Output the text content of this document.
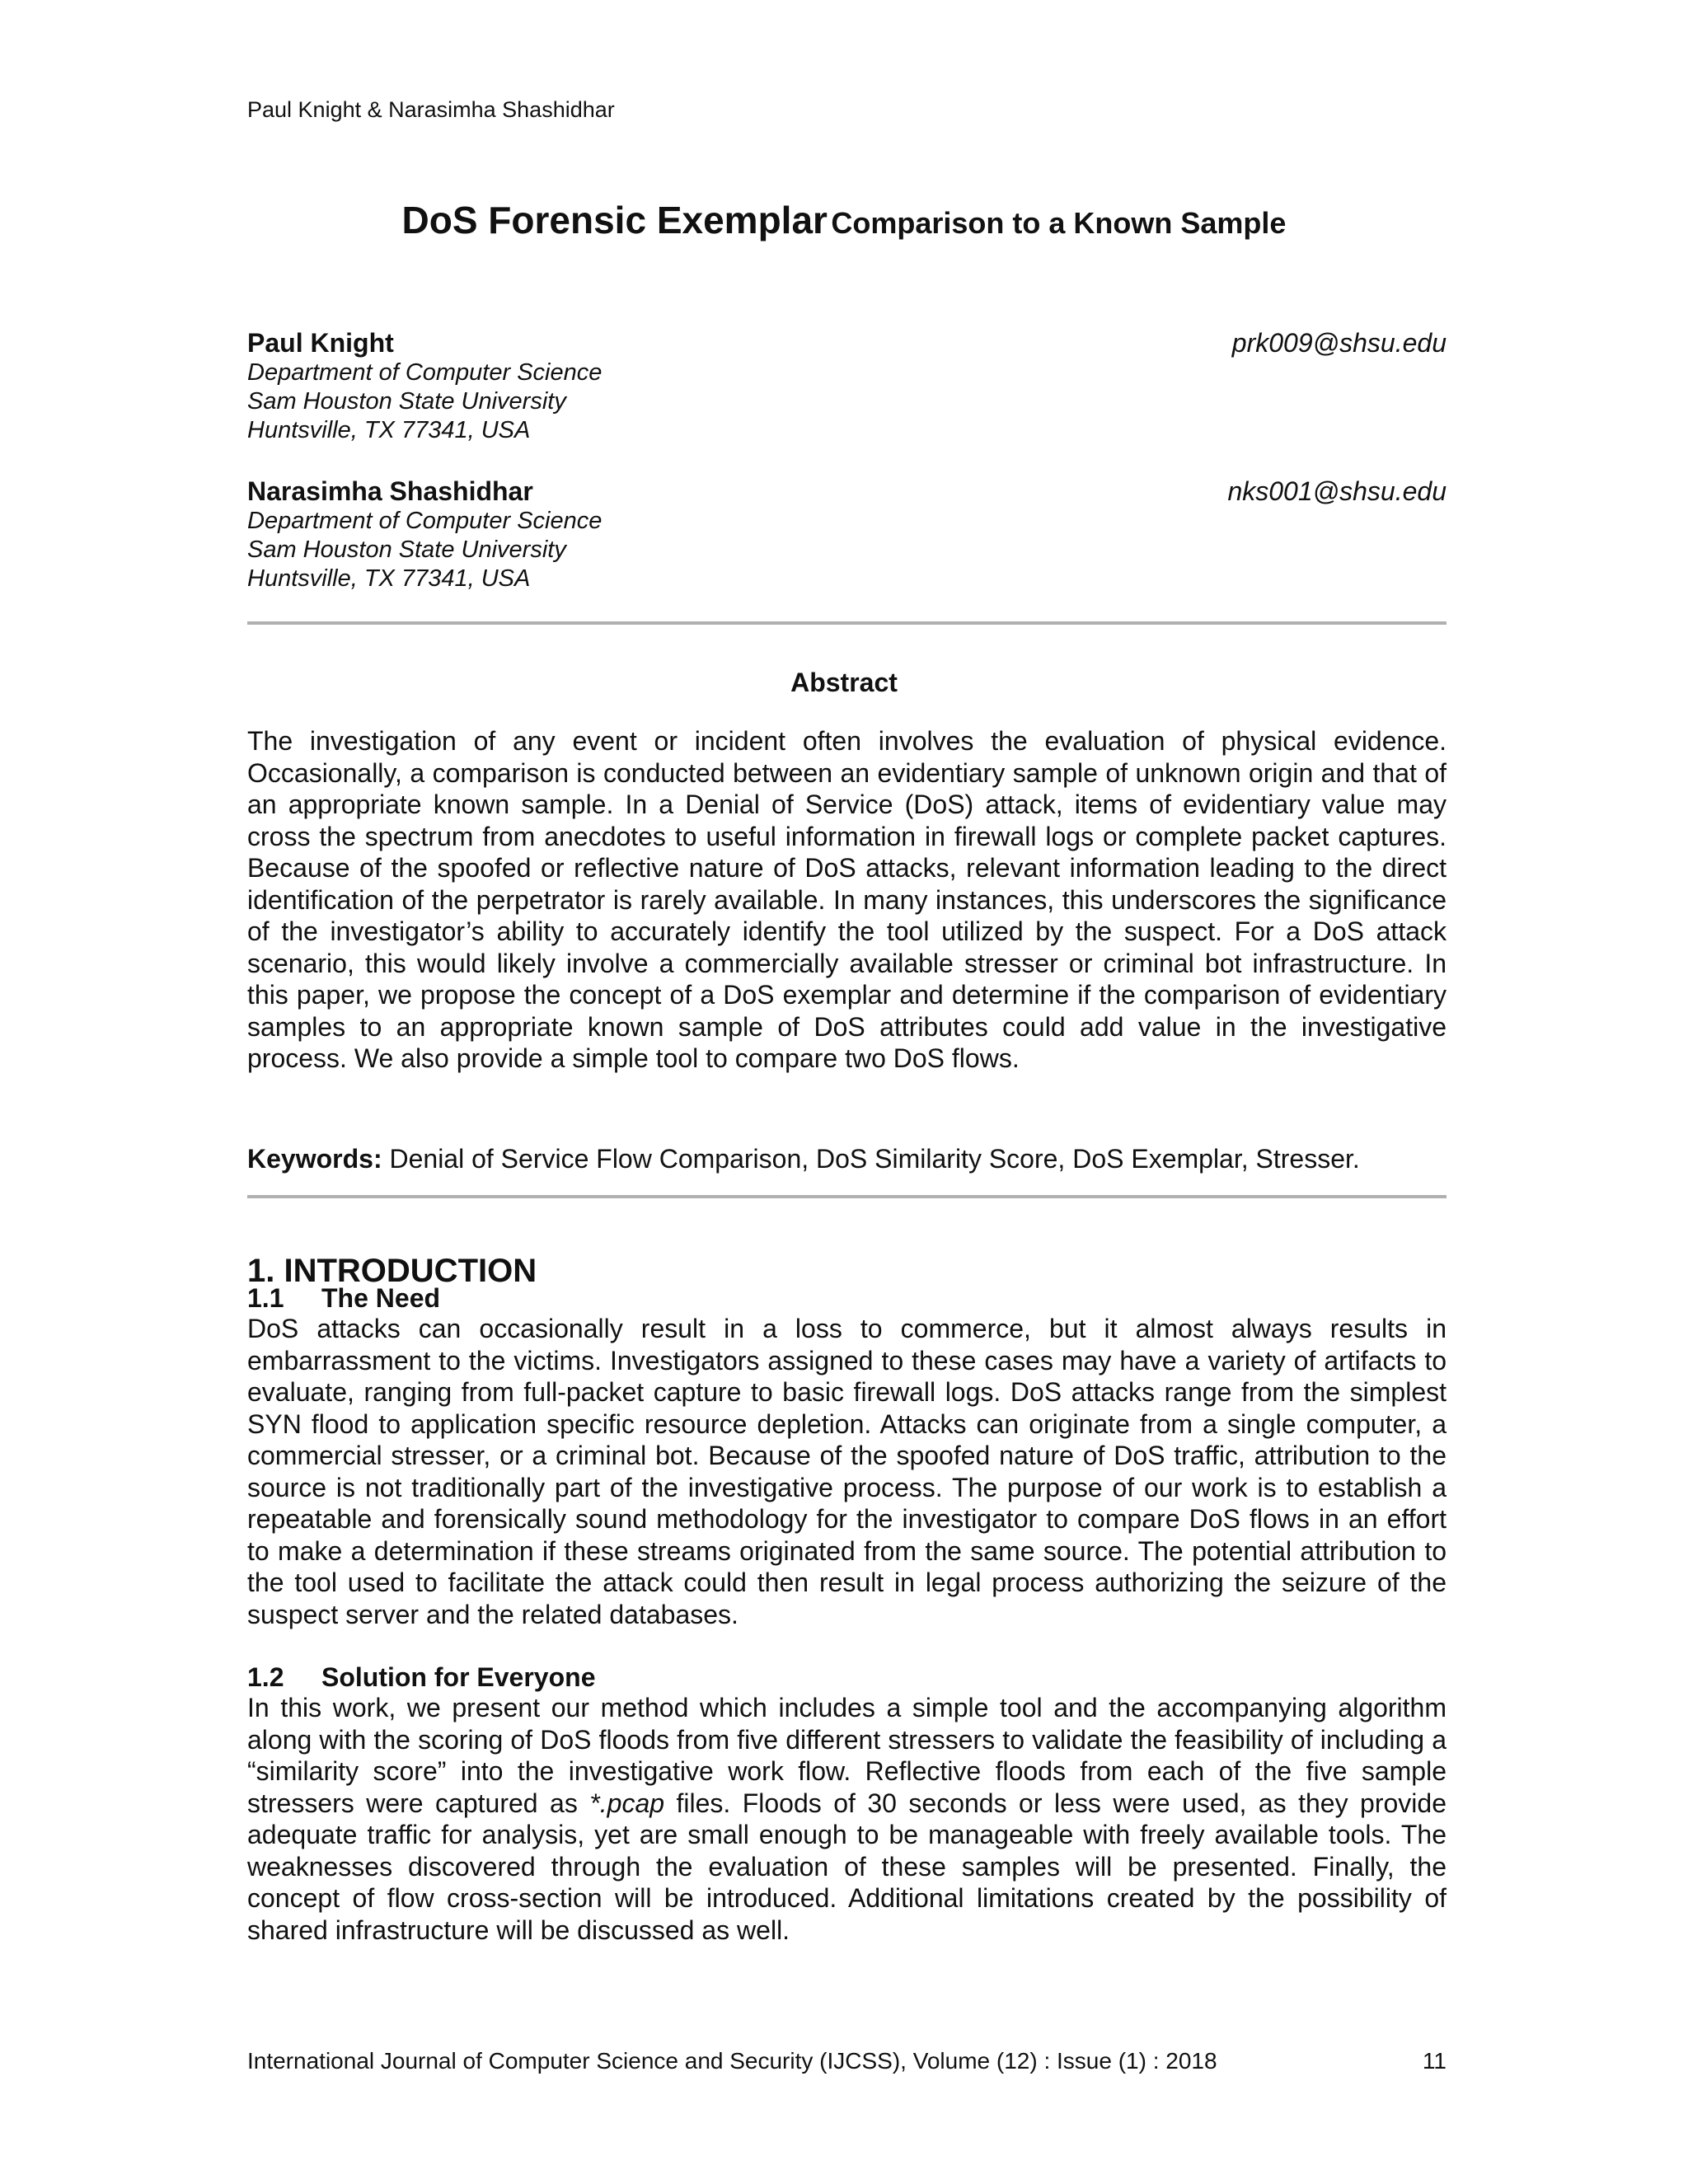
Paul Knight & Narasimha Shashidhar
DoS Forensic Exemplar Comparison to a Known Sample
Paul Knight	prk009@shsu.edu
Department of Computer Science
Sam Houston State University
Huntsville, TX 77341, USA
Narasimha Shashidhar	nks001@shsu.edu
Department of Computer Science
Sam Houston State University
Huntsville, TX 77341, USA
Abstract
The investigation of any event or incident often involves the evaluation of physical evidence. Occasionally, a comparison is conducted between an evidentiary sample of unknown origin and that of an appropriate known sample. In a Denial of Service (DoS) attack, items of evidentiary value may cross the spectrum from anecdotes to useful information in firewall logs or complete packet captures. Because of the spoofed or reflective nature of DoS attacks, relevant information leading to the direct identification of the perpetrator is rarely available. In many instances, this underscores the significance of the investigator’s ability to accurately identify the tool utilized by the suspect. For a DoS attack scenario, this would likely involve a commercially available stresser or criminal bot infrastructure. In this paper, we propose the concept of a DoS exemplar and determine if the comparison of evidentiary samples to an appropriate known sample of DoS attributes could add value in the investigative process. We also provide a simple tool to compare two DoS flows.
Keywords: Denial of Service Flow Comparison, DoS Similarity Score, DoS Exemplar, Stresser.
1. INTRODUCTION
1.1 The Need
DoS attacks can occasionally result in a loss to commerce, but it almost always results in embarrassment to the victims. Investigators assigned to these cases may have a variety of artifacts to evaluate, ranging from full-packet capture to basic firewall logs. DoS attacks range from the simplest SYN flood to application specific resource depletion. Attacks can originate from a single computer, a commercial stresser, or a criminal bot. Because of the spoofed nature of DoS traffic, attribution to the source is not traditionally part of the investigative process. The purpose of our work is to establish a repeatable and forensically sound methodology for the investigator to compare DoS flows in an effort to make a determination if these streams originated from the same source. The potential attribution to the tool used to facilitate the attack could then result in legal process authorizing the seizure of the suspect server and the related databases.
1.2 Solution for Everyone
In this work, we present our method which includes a simple tool and the accompanying algorithm along with the scoring of DoS floods from five different stressers to validate the feasibility of including a “similarity score” into the investigative work flow. Reflective floods from each of the five sample stressers were captured as *.pcap files. Floods of 30 seconds or less were used, as they provide adequate traffic for analysis, yet are small enough to be manageable with freely available tools. The weaknesses discovered through the evaluation of these samples will be presented. Finally, the concept of flow cross-section will be introduced. Additional limitations created by the possibility of shared infrastructure will be discussed as well.
International Journal of Computer Science and Security (IJCSS), Volume (12) : Issue (1) : 2018	11
